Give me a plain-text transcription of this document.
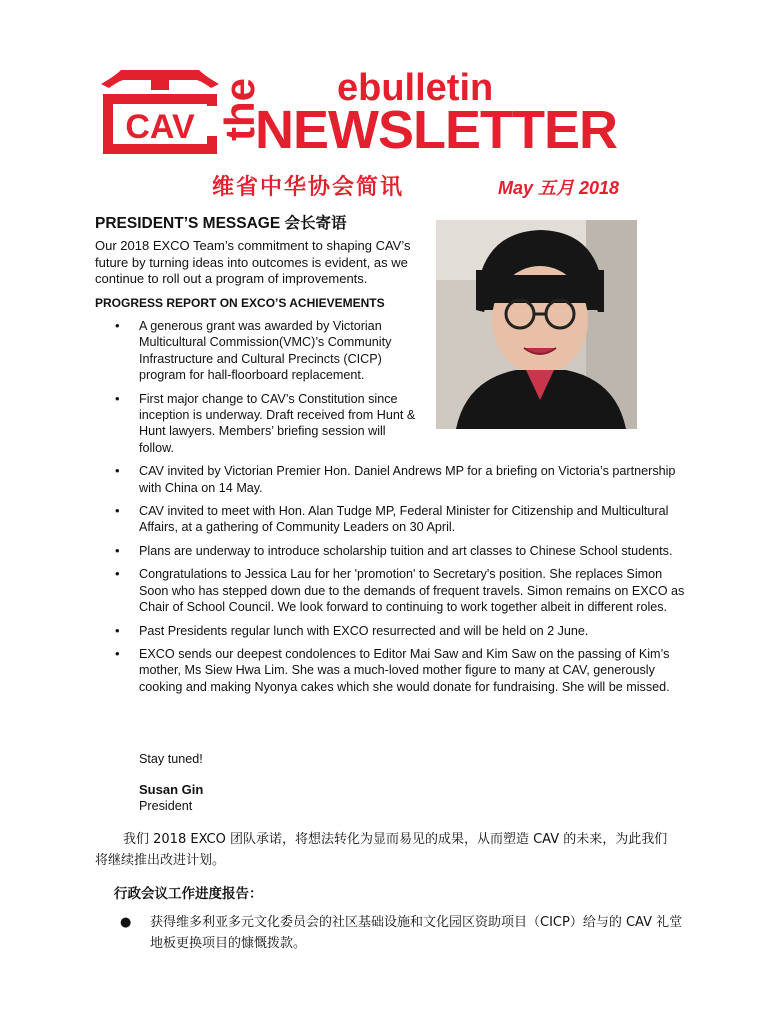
CAV the ebulletin
NEWSLETTER
维省中华协会简讯	May 五月 2018
PRESIDENT’S MESSAGE 会长寄语
Our 2018 EXCO Team’s commitment to shaping CAV’s future by turning ideas into outcomes is evident, as we continue to roll out a program of improvements.
PROGRESS REPORT ON EXCO’S ACHIEVEMENTS
• A generous grant was awarded by Victorian Multicultural Commission(VMC)’s Community Infrastructure and Cultural Precincts (CICP) program for hall-floorboard replacement.
• First major change to CAV’s Constitution since inception is underway. Draft received from Hunt & Hunt lawyers. Members’ briefing session will follow.
• CAV invited by Victorian Premier Hon. Daniel Andrews MP for a briefing on Victoria’s partnership with China on 14 May.
• CAV invited to meet with Hon. Alan Tudge MP, Federal Minister for Citizenship and Multicultural Affairs, at a gathering of Community Leaders on 30 April.
• Plans are underway to introduce scholarship tuition and art classes to Chinese School students.
• Congratulations to Jessica Lau for her 'promotion' to Secretary's position. She replaces Simon Soon who has stepped down due to the demands of frequent travels. Simon remains on EXCO as Chair of School Council. We look forward to continuing to work together albeit in different roles.
• Past Presidents regular lunch with EXCO resurrected and will be held on 2 June.
• EXCO sends our deepest condolences to Editor Mai Saw and Kim Saw on the passing of Kim’s mother, Ms Siew Hwa Lim. She was a much-loved mother figure to many at CAV, generously cooking and making Nyonya cakes which she would donate for fundraising. She will be missed.
Stay tuned!
Susan Gin
President
我们 2018 EXCO 团队承诺，将想法转化为显而易见的成果，从而塑造 CAV 的未来，为此我们将继续推出改进计划。
行政会议工作进度报告：
● 获得维多利亚多元文化委员会的社区基础设施和文化园区资助项目（CICP）给与的 CAV 礼堂地板更换项目的慷慨拨款。
